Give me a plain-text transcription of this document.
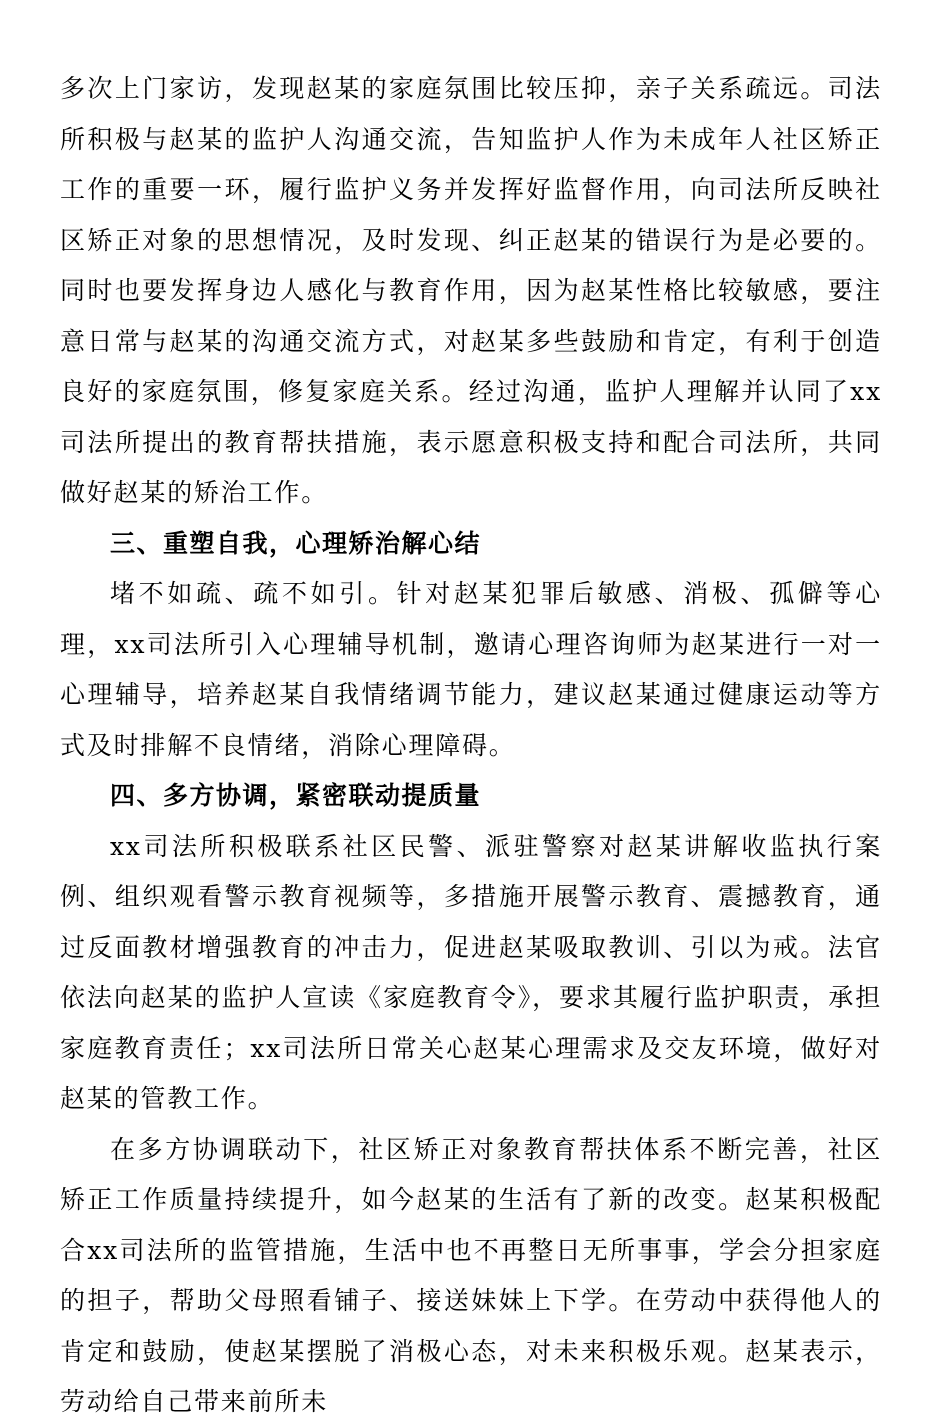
多次上门家访，发现赵某的家庭氛围比较压抑，亲子关系疏远。司法所积极与赵某的监护人沟通交流，告知监护人作为未成年人社区矫正工作的重要一环，履行监护义务并发挥好监督作用，向司法所反映社区矫正对象的思想情况，及时发现、纠正赵某的错误行为是必要的。同时也要发挥身边人感化与教育作用，因为赵某性格比较敏感，要注意日常与赵某的沟通交流方式，对赵某多些鼓励和肯定，有利于创造良好的家庭氛围，修复家庭关系。经过沟通，监护人理解并认同了xx司法所提出的教育帮扶措施，表示愿意积极支持和配合司法所，共同做好赵某的矫治工作。

三、重塑自我，心理矫治解心结

堵不如疏、疏不如引。针对赵某犯罪后敏感、消极、孤僻等心理，xx司法所引入心理辅导机制，邀请心理咨询师为赵某进行一对一心理辅导，培养赵某自我情绪调节能力，建议赵某通过健康运动等方式及时排解不良情绪，消除心理障碍。

四、多方协调，紧密联动提质量

xx司法所积极联系社区民警、派驻警察对赵某讲解收监执行案例、组织观看警示教育视频等，多措施开展警示教育、震撼教育，通过反面教材增强教育的冲击力，促进赵某吸取教训、引以为戒。法官依法向赵某的监护人宣读《家庭教育令》，要求其履行监护职责，承担家庭教育责任；xx司法所日常关心赵某心理需求及交友环境，做好对赵某的管教工作。

在多方协调联动下，社区矫正对象教育帮扶体系不断完善，社区矫正工作质量持续提升，如今赵某的生活有了新的改变。赵某积极配合xx司法所的监管措施，生活中也不再整日无所事事，学会分担家庭的担子，帮助父母照看铺子、接送妹妹上下学。在劳动中获得他人的肯定和鼓励，使赵某摆脱了消极心态，对未来积极乐观。赵某表示，劳动给自己带来前所未
